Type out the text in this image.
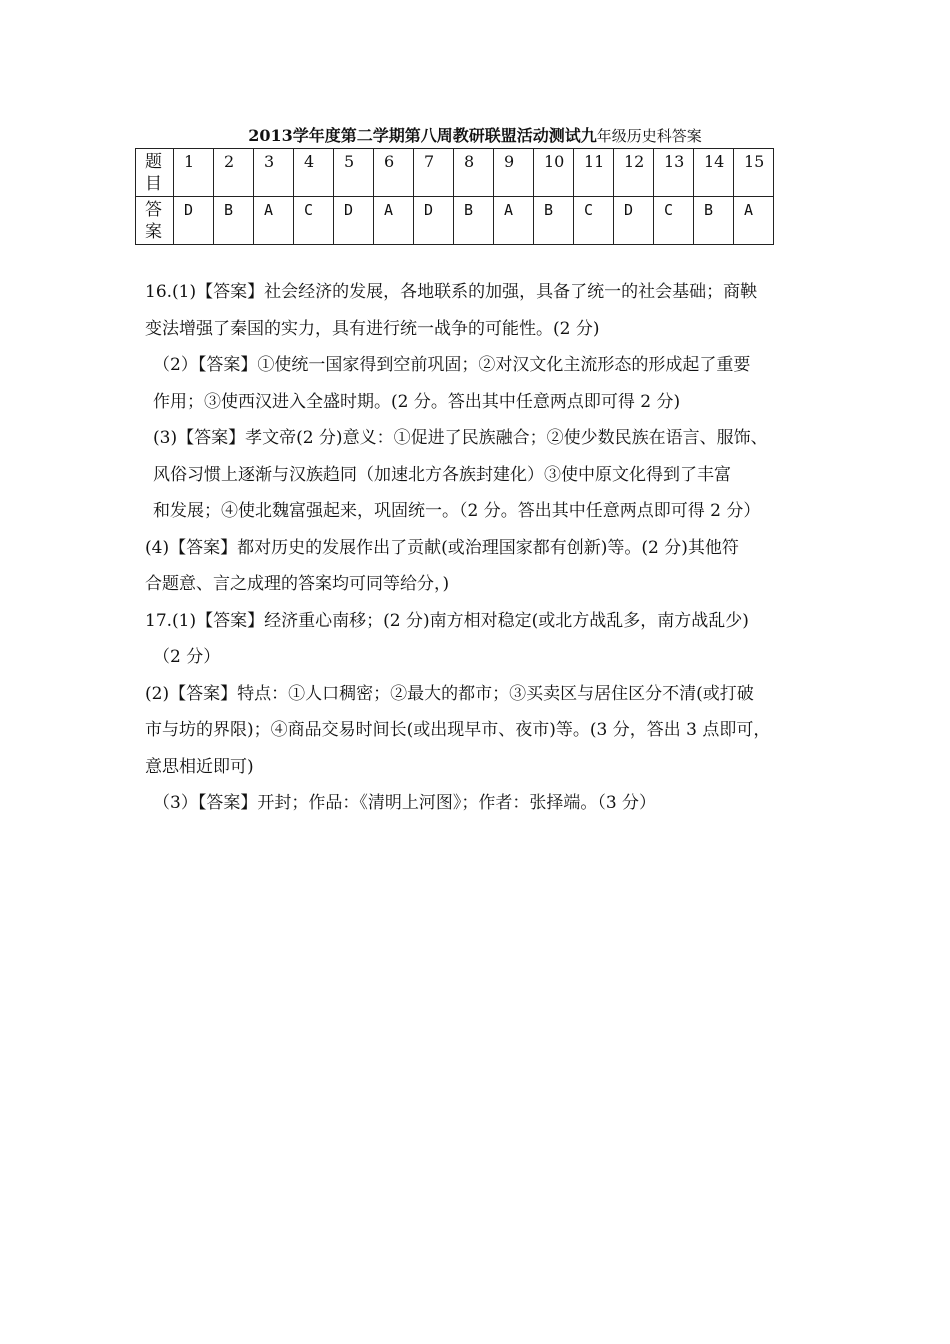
2013学年度第二学期第八周教研联盟活动测试九年级历史科答案
题
目	1	2	3	4	5	6	7	8	9	10	11	12	13	14	15
答
案	D	B	A	C	D	A	D	B	A	B	C	D	C	B	A
16.(1)【答案】社会经济的发展，各地联系的加强，具备了统一的社会基础；商鞅
变法增强了秦国的实力，具有进行统一战争的可能性。(2 分)
（2）【答案】①使统一国家得到空前巩固；②对汉文化主流形态的形成起了重要
作用；③使西汉进入全盛时期。(2 分。答出其中任意两点即可得 2 分)
(3)【答案】孝文帝(2 分)意义：①促进了民族融合；②使少数民族在语言、服饰、
风俗习惯上逐渐与汉族趋同（加速北方各族封建化）③使中原文化得到了丰富
和发展；④使北魏富强起来，巩固统一。（2 分。答出其中任意两点即可得 2 分）
(4)【答案】都对历史的发展作出了贡献(或治理国家都有创新)等。(2 分)其他符
合题意、言之成理的答案均可同等给分，)
17.(1)【答案】经济重心南移；(2 分)南方相对稳定(或北方战乱多，南方战乱少)
（2 分）
(2)【答案】特点：①人口稠密；②最大的都市；③买卖区与居住区分不清(或打破
市与坊的界限)；④商品交易时间长(或出现早市、夜市)等。(3 分，答出 3 点即可，
意思相近即可)
（3）【答案】开封；作品：《清明上河图》；作者：张择端。（3 分）
